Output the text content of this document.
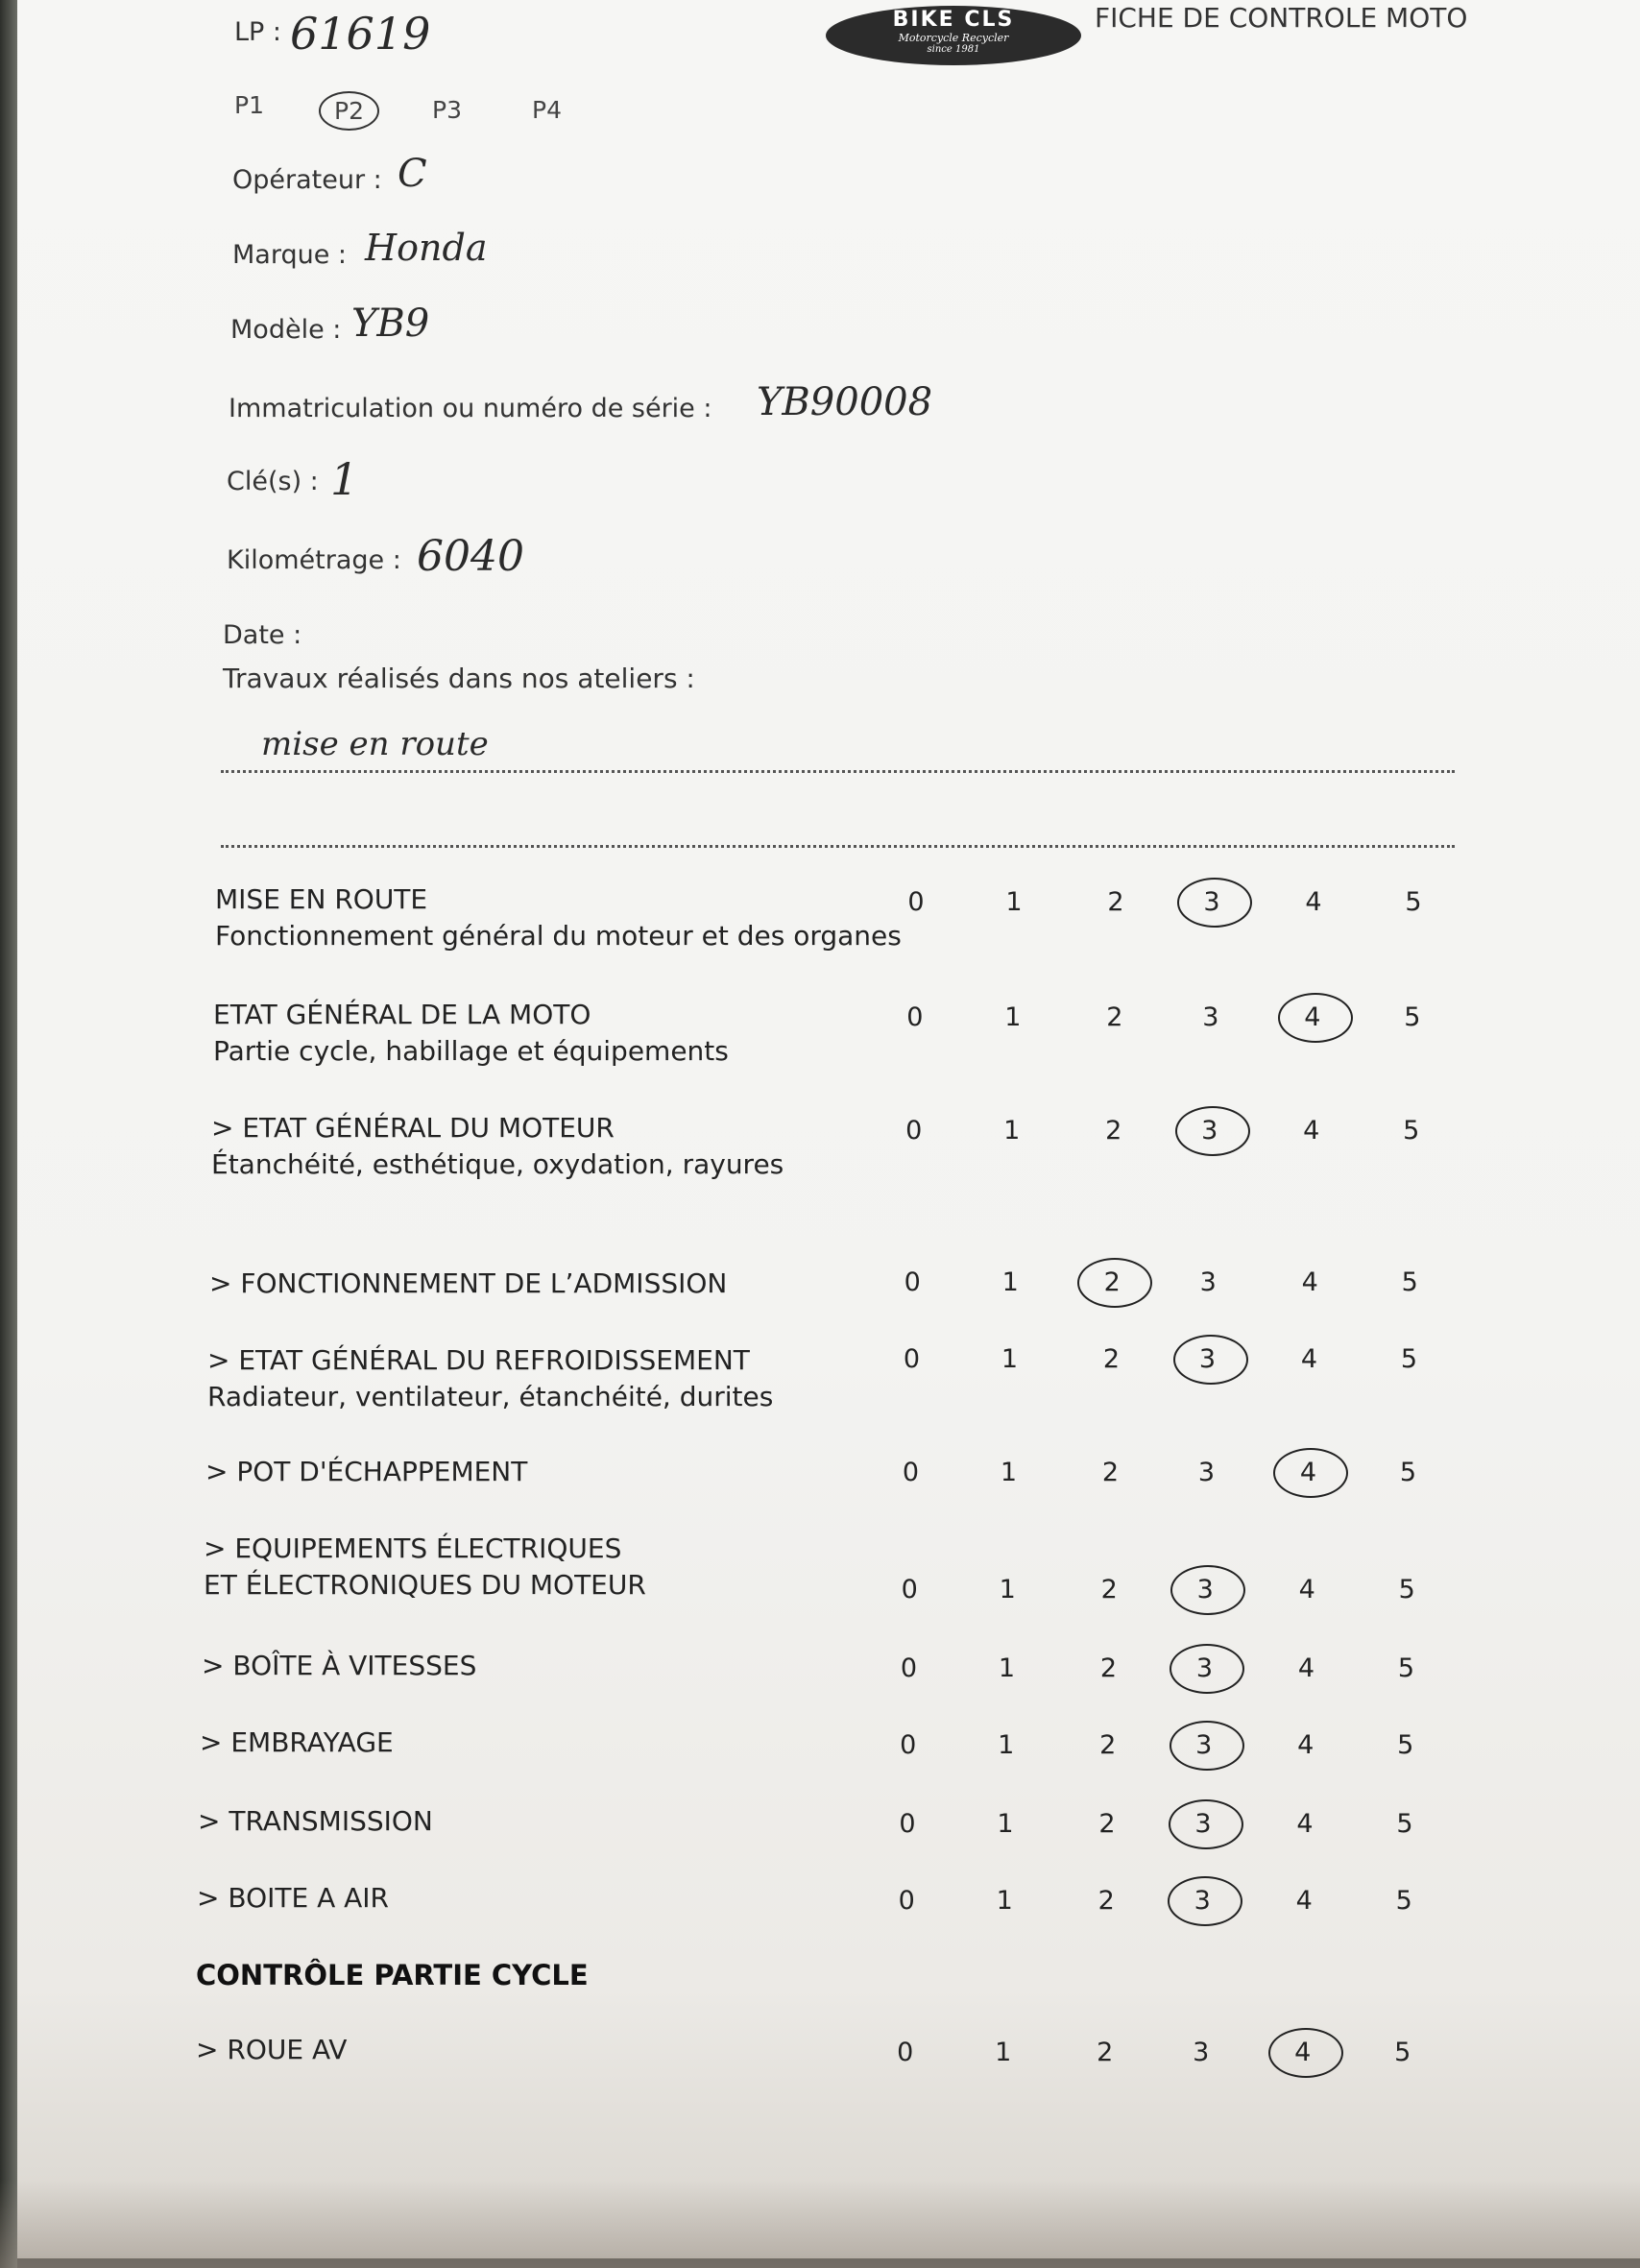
BIKE CLS
Motorcycle Recycler
since 1981
FICHE DE CONTROLE MOTO
LP : 61619
P1	P2	P3	P4
Opérateur : C
Marque : Honda
Modèle : YB9
Immatriculation ou numéro de série : YB90008
Clé(s) : 1
Kilométrage : 6040
Date :
Travaux réalisés dans nos ateliers :
mise en route
CONTRÔLE PARTIE CYCLE
MISE EN ROUTE
Fonctionnement général du moteur et des organes
0	1	2	3	4	5
ETAT GÉNÉRAL DE LA MOTO
Partie cycle, habillage et équipements
0	1	2	3	4	5
> ETAT GÉNÉRAL DU MOTEUR
Étanchéité, esthétique, oxydation, rayures
0	1	2	3	4	5
> FONCTIONNEMENT DE L’ADMISSION	0	1	2	3	4	5
> ETAT GÉNÉRAL DU REFROIDISSEMENT
Radiateur, ventilateur, étanchéité, durites
0	1	2	3	4	5
> POT D'ÉCHAPPEMENT	0	1	2	3	4	5
> EQUIPEMENTS ÉLECTRIQUES
ET ÉLECTRONIQUES DU MOTEUR	0	1	2	3	4	5
> BOÎTE À VITESSES	0	1	2	3	4	5
> EMBRAYAGE	0	1	2	3	4	5
> TRANSMISSION	0	1	2	3	4	5
> BOITE A AIR	0	1	2	3	4	5
> ROUE AV	0	1	2	3	4	5
